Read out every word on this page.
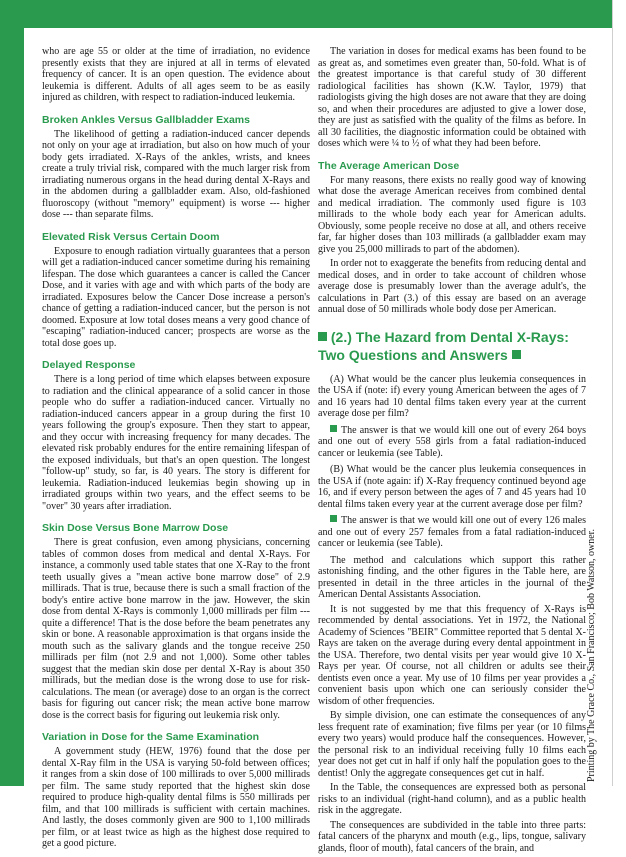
who are age 55 or older at the time of irradiation, no evidence presently exists that they are injured at all in terms of elevated frequency of cancer. It is an open question. The evidence about leukemia is different. Adults of all ages seem to be as easily injured as children, with respect to radiation-induced leukemia.

Broken Ankles Versus Gallbladder Exams

The likelihood of getting a radiation-induced cancer depends not only on your age at irradiation, but also on how much of your body gets irradiated. X-Rays of the ankles, wrists, and knees create a truly trivial risk, compared with the much larger risk from irradiating numerous organs in the head during dental X-Rays and in the abdomen during a gallbladder exam. Also, old-fashioned fluoroscopy (without "memory" equipment) is worse --- higher dose --- than separate films.

Elevated Risk Versus Certain Doom

Exposure to enough radiation virtually guarantees that a person will get a radiation-induced cancer sometime during his remaining lifespan. The dose which guarantees a cancer is called the Cancer Dose, and it varies with age and with which parts of the body are irradiated. Exposures below the Cancer Dose increase a person's chance of getting a radiation-induced cancer, but the person is not doomed. Exposure at low total doses means a very good chance of "escaping" radiation-induced cancer; prospects are worse as the total dose goes up.

Delayed Response

There is a long period of time which elapses between exposure to radiation and the clinical appearance of a solid cancer in those people who do suffer a radiation-induced cancer. Virtually no radiation-induced cancers appear in a group during the first 10 years following the group's exposure. Then they start to appear, and they occur with increasing frequency for many decades. The elevated risk probably endures for the entire remaining lifespan of the exposed individuals, but that's an open question. The longest "follow-up" study, so far, is 40 years. The story is different for leukemia. Radiation-induced leukemias begin showing up in irradiated groups within two years, and the effect seems to be "over" 30 years after irradiation.

Skin Dose Versus Bone Marrow Dose

There is great confusion, even among physicians, concerning tables of common doses from medical and dental X-Rays. For instance, a commonly used table states that one X-Ray to the front teeth usually gives a "mean active bone marrow dose" of 2.9 millirads. That is true, because there is such a small fraction of the body's entire active bone marrow in the jaw. However, the skin dose from dental X-Rays is commonly 1,000 millirads per film --- quite a difference! That is the dose before the beam penetrates any skin or bone. A reasonable approximation is that organs inside the mouth such as the salivary glands and the tongue receive 250 millirads per film (not 2.9 and not 1,000). Some other tables suggest that the median skin dose per dental X-Ray is about 350 millirads, but the median dose is the wrong dose to use for risk-calculations. The mean (or average) dose to an organ is the correct basis for figuring out cancer risk; the mean active bone marrow dose is the correct basis for figuring out leukemia risk only.

Variation in Dose for the Same Examination

A government study (HEW, 1976) found that the dose per dental X-Ray film in the USA is varying 50-fold between offices; it ranges from a skin dose of 100 millirads to over 5,000 millirads per film. The same study reported that the highest skin dose required to produce high-quality dental films is 550 millirads per film, and that 100 millirads is sufficient with certain machines. And lastly, the doses commonly given are 900 to 1,100 millirads per film, or at least twice as high as the highest dose required to get a good picture.

The variation in doses for medical exams has been found to be as great as, and sometimes even greater than, 50-fold. What is of the greatest importance is that careful study of 30 different radiological facilities has shown (K.W. Taylor, 1979) that radiologists giving the high doses are not aware that they are doing so, and when their procedures are adjusted to give a lower dose, they are just as satisfied with the quality of the films as before. In all 30 facilities, the diagnostic information could be obtained with doses which were ¼ to ½ of what they had been before.

The Average American Dose

For many reasons, there exists no really good way of knowing what dose the average American receives from combined dental and medical irradiation. The commonly used figure is 103 millirads to the whole body each year for American adults. Obviously, some people receive no dose at all, and others receive far, far higher doses than 103 millirads (a gallbladder exam may give you 25,000 millirads to part of the abdomen).

In order not to exaggerate the benefits from reducing dental and medical doses, and in order to take account of children whose average dose is presumably lower than the average adult's, the calculations in Part (3.) of this essay are based on an average annual dose of 50 millirads whole body dose per American.

(2.) The Hazard from Dental X-Rays: Two Questions and Answers

(A) What would be the cancer plus leukemia consequences in the USA if (note: if) every young American between the ages of 7 and 16 years had 10 dental films taken every year at the current average dose per film?

The answer is that we would kill one out of every 264 boys and one out of every 558 girls from a fatal radiation-induced cancer or leukemia (see Table).

(B) What would be the cancer plus leukemia consequences in the USA if (note again: if) X-Ray frequency continued beyond age 16, and if every person between the ages of 7 and 45 years had 10 dental films taken every year at the current average dose per film?

The answer is that we would kill one out of every 126 males and one out of every 257 females from a fatal radiation-induced cancer or leukemia (see Table).

The method and calculations which support this rather astonishing finding, and the other figures in the Table here, are presented in detail in the three articles in the journal of the American Dental Assistants Association.

It is not suggested by me that this frequency of X-Rays is recommended by dental associations. Yet in 1972, the National Academy of Sciences "BEIR" Committee reported that 5 dental X-Rays are taken on the average during every dental appointment in the USA. Therefore, two dental visits per year would give 10 X-Rays per year. Of course, not all children or adults see their dentists even once a year. My use of 10 films per year provides a convenient basis upon which one can seriously consider the wisdom of other frequencies.

By simple division, one can estimate the consequences of any less frequent rate of examination; five films per year (or 10 films every two years) would produce half the consequences. However, the personal risk to an individual receiving fully 10 films each year does not get cut in half if only half the population goes to the dentist! Only the aggregate consequences get cut in half.

In the Table, the consequences are expressed both as personal risks to an individual (right-hand column), and as a public health risk in the aggregate.

The consequences are subdivided in the table into three parts: fatal cancers of the pharynx and mouth (e.g., lips, tongue, salivary glands, floor of mouth), fatal cancers of the brain, and

Printing by The Grace Co., San Francisco; Bob Watson, owner.
